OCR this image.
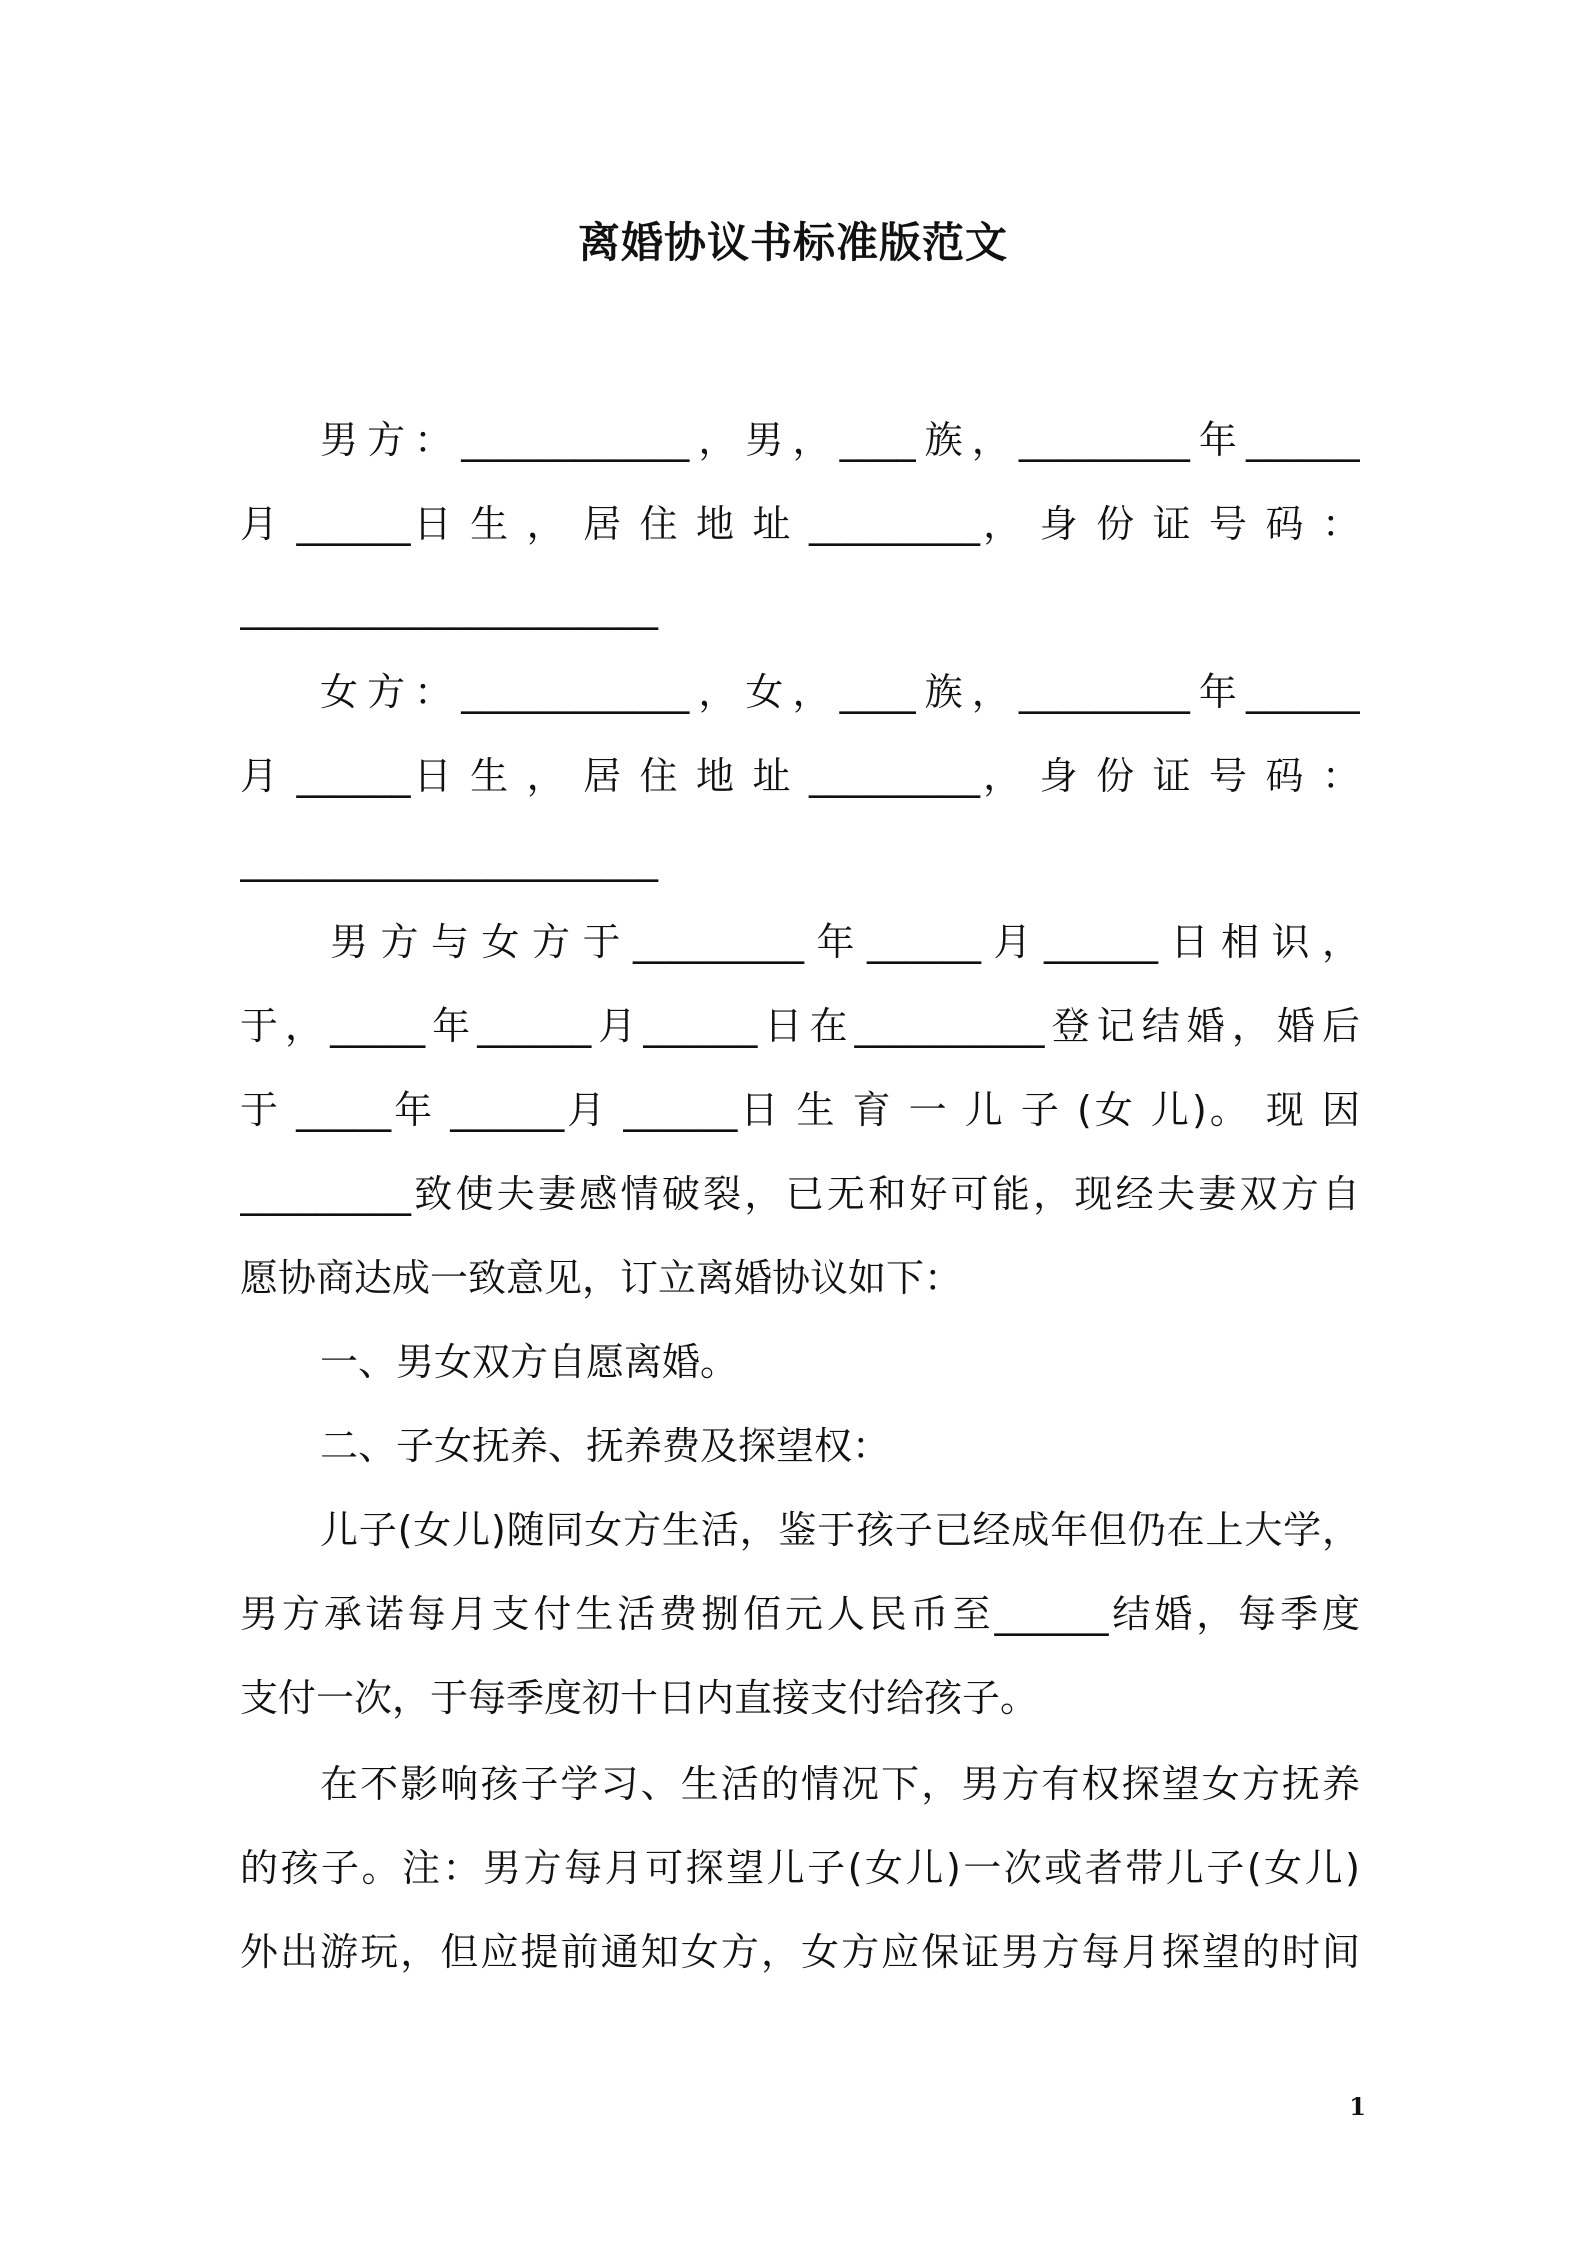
离婚协议书标准版范文
男方：____________，男，____族，_________年______
月 ______日 生 ， 居 住 地 址 _________， 身 份 证 号 码 ：
______________________
女方：____________，女，____族，_________年______
月 ______日 生 ， 居 住 地 址 _________， 身 份 证 号 码 ：
______________________
男方与女方于_________年______月______日相识，
于，_____年______月______日在__________登记结婚，婚后
于 _____年 ______月 ______日 生 育 一 儿 子 (女 儿)。 现 因
_________致使夫妻感情破裂，已无和好可能，现经夫妻双方自
愿协商达成一致意见，订立离婚协议如下：
一、男女双方自愿离婚。
二、子女抚养、抚养费及探望权：
儿子(女儿)随同女方生活，鉴于孩子已经成年但仍在上大学，
男方承诺每月支付生活费捌佰元人民币至______结婚，每季度
支付一次，于每季度初十日内直接支付给孩子。
在不影响孩子学习、生活的情况下，男方有权探望女方抚养
的孩子。注：男方每月可探望儿子(女儿)一次或者带儿子(女儿)
外出游玩，但应提前通知女方，女方应保证男方每月探望的时间
1
